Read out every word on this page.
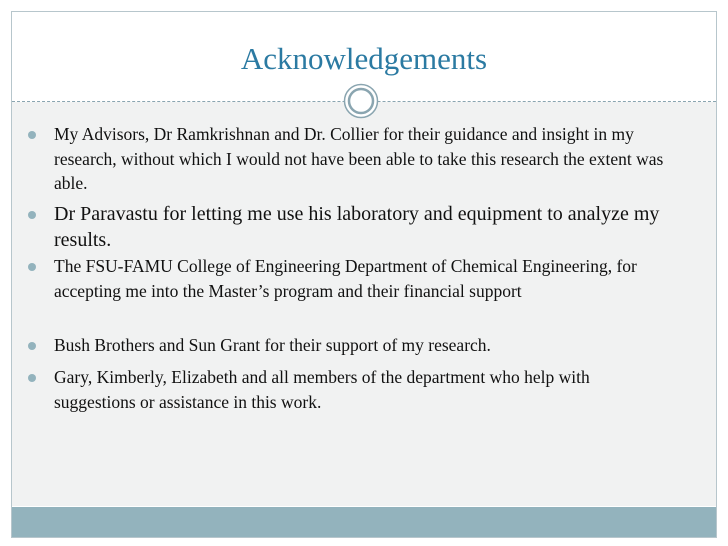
Acknowledgements
My Advisors, Dr Ramkrishnan and Dr. Collier for their guidance and insight in my research, without which I would not have been able to take this research the extent was able.
Dr Paravastu for letting me use his laboratory and equipment to analyze my results.
The FSU-FAMU College of Engineering Department of Chemical Engineering, for accepting me into the Master’s program and their financial support
Bush Brothers and Sun Grant for their support of my research.
Gary, Kimberly, Elizabeth and all members of the department who help with suggestions or assistance in this work.
